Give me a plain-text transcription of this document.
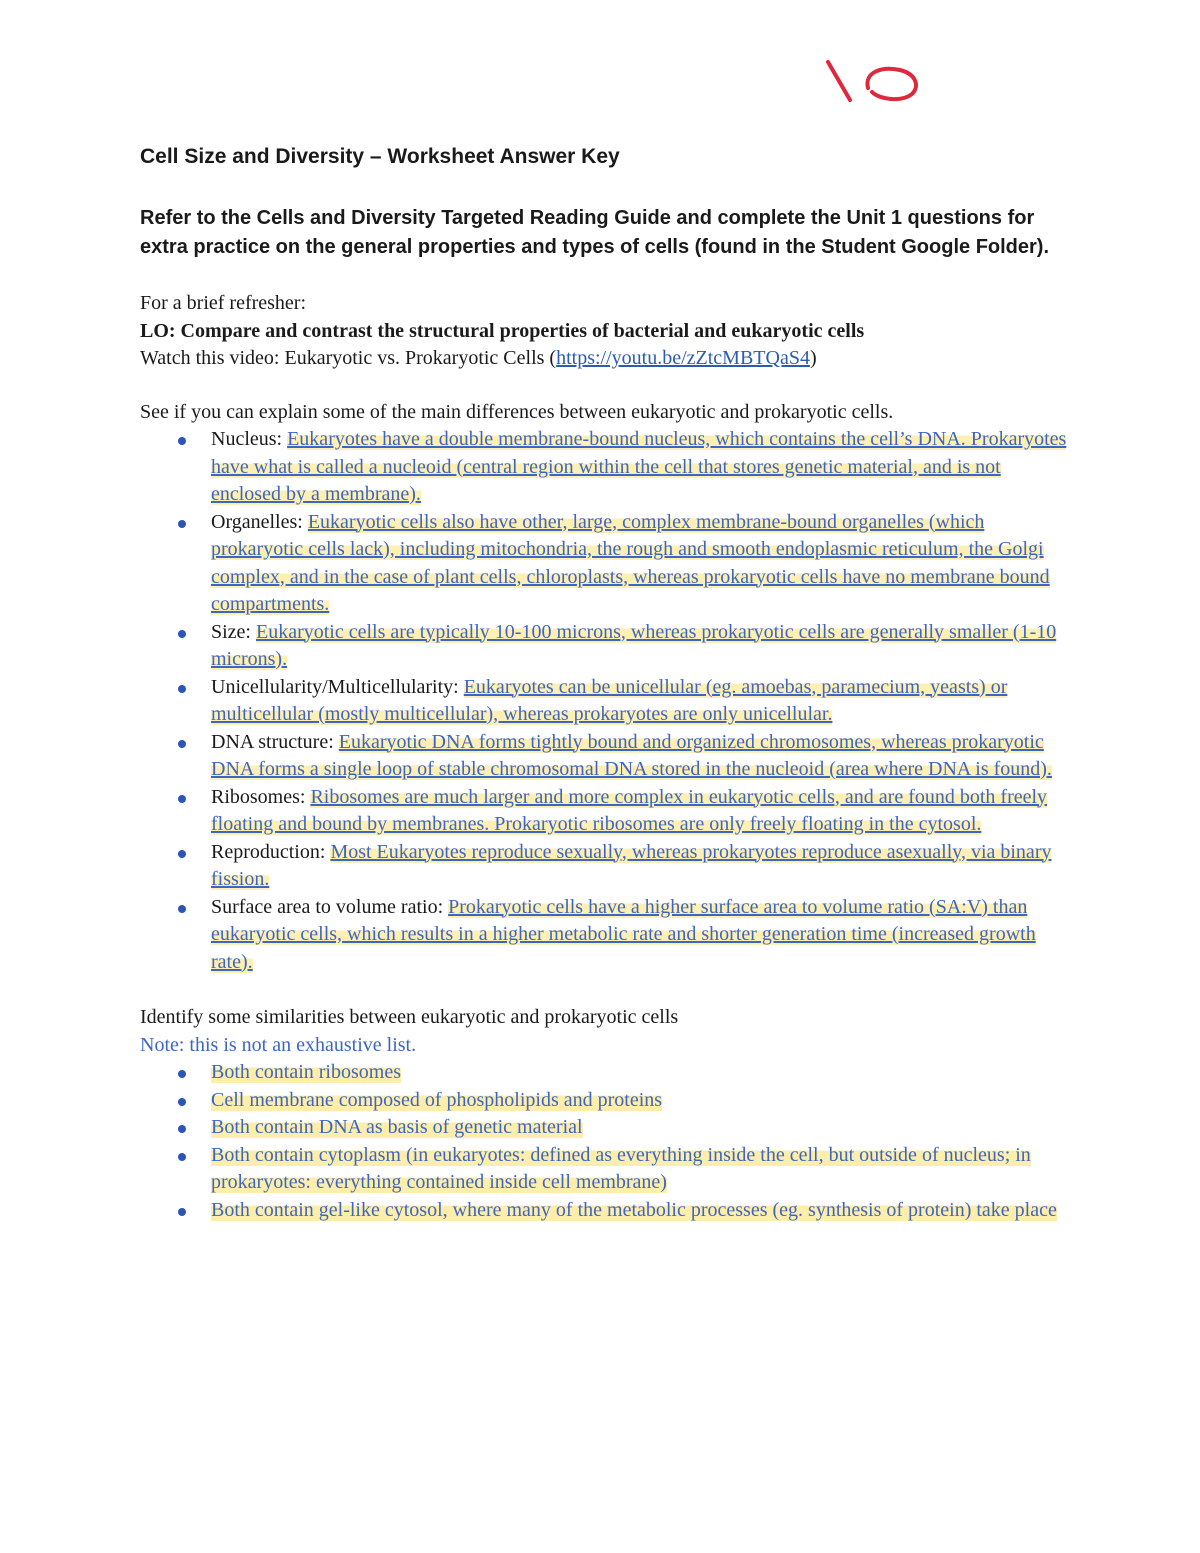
Cell Size and Diversity – Worksheet Answer Key

Refer to the Cells and Diversity Targeted Reading Guide and complete the Unit 1 questions for extra practice on the general properties and types of cells (found in the Student Google Folder).

For a brief refresher:

LO: Compare and contrast the structural properties of bacterial and eukaryotic cells

Watch this video: Eukaryotic vs. Prokaryotic Cells (https://youtu.be/zZtcMBTQaS4)

See if you can explain some of the main differences between eukaryotic and prokaryotic cells.

Nucleus: Eukaryotes have a double membrane-bound nucleus, which contains the cell’s DNA. Prokaryotes have what is called a nucleoid (central region within the cell that stores genetic material, and is not enclosed by a membrane).
Organelles: Eukaryotic cells also have other, large, complex membrane-bound organelles (which prokaryotic cells lack), including mitochondria, the rough and smooth endoplasmic reticulum, the Golgi complex, and in the case of plant cells, chloroplasts, whereas prokaryotic cells have no membrane bound compartments.
Size: Eukaryotic cells are typically 10-100 microns, whereas prokaryotic cells are generally smaller (1-10 microns).
Unicellularity/Multicellularity: Eukaryotes can be unicellular (eg. amoebas, paramecium, yeasts) or multicellular (mostly multicellular), whereas prokaryotes are only unicellular.
DNA structure: Eukaryotic DNA forms tightly bound and organized chromosomes, whereas prokaryotic DNA forms a single loop of stable chromosomal DNA stored in the nucleoid (area where DNA is found).
Ribosomes: Ribosomes are much larger and more complex in eukaryotic cells, and are found both freely floating and bound by membranes. Prokaryotic ribosomes are only freely floating in the cytosol.
Reproduction: Most Eukaryotes reproduce sexually, whereas prokaryotes reproduce asexually, via binary fission.
Surface area to volume ratio: Prokaryotic cells have a higher surface area to volume ratio (SA:V) than eukaryotic cells, which results in a higher metabolic rate and shorter generation time (increased growth rate).

Identify some similarities between eukaryotic and prokaryotic cells

Note: this is not an exhaustive list.

Both contain ribosomes
Cell membrane composed of phospholipids and proteins
Both contain DNA as basis of genetic material
Both contain cytoplasm (in eukaryotes: defined as everything inside the cell, but outside of nucleus; in prokaryotes: everything contained inside cell membrane)
Both contain gel-like cytosol, where many of the metabolic processes (eg. synthesis of protein) take place
